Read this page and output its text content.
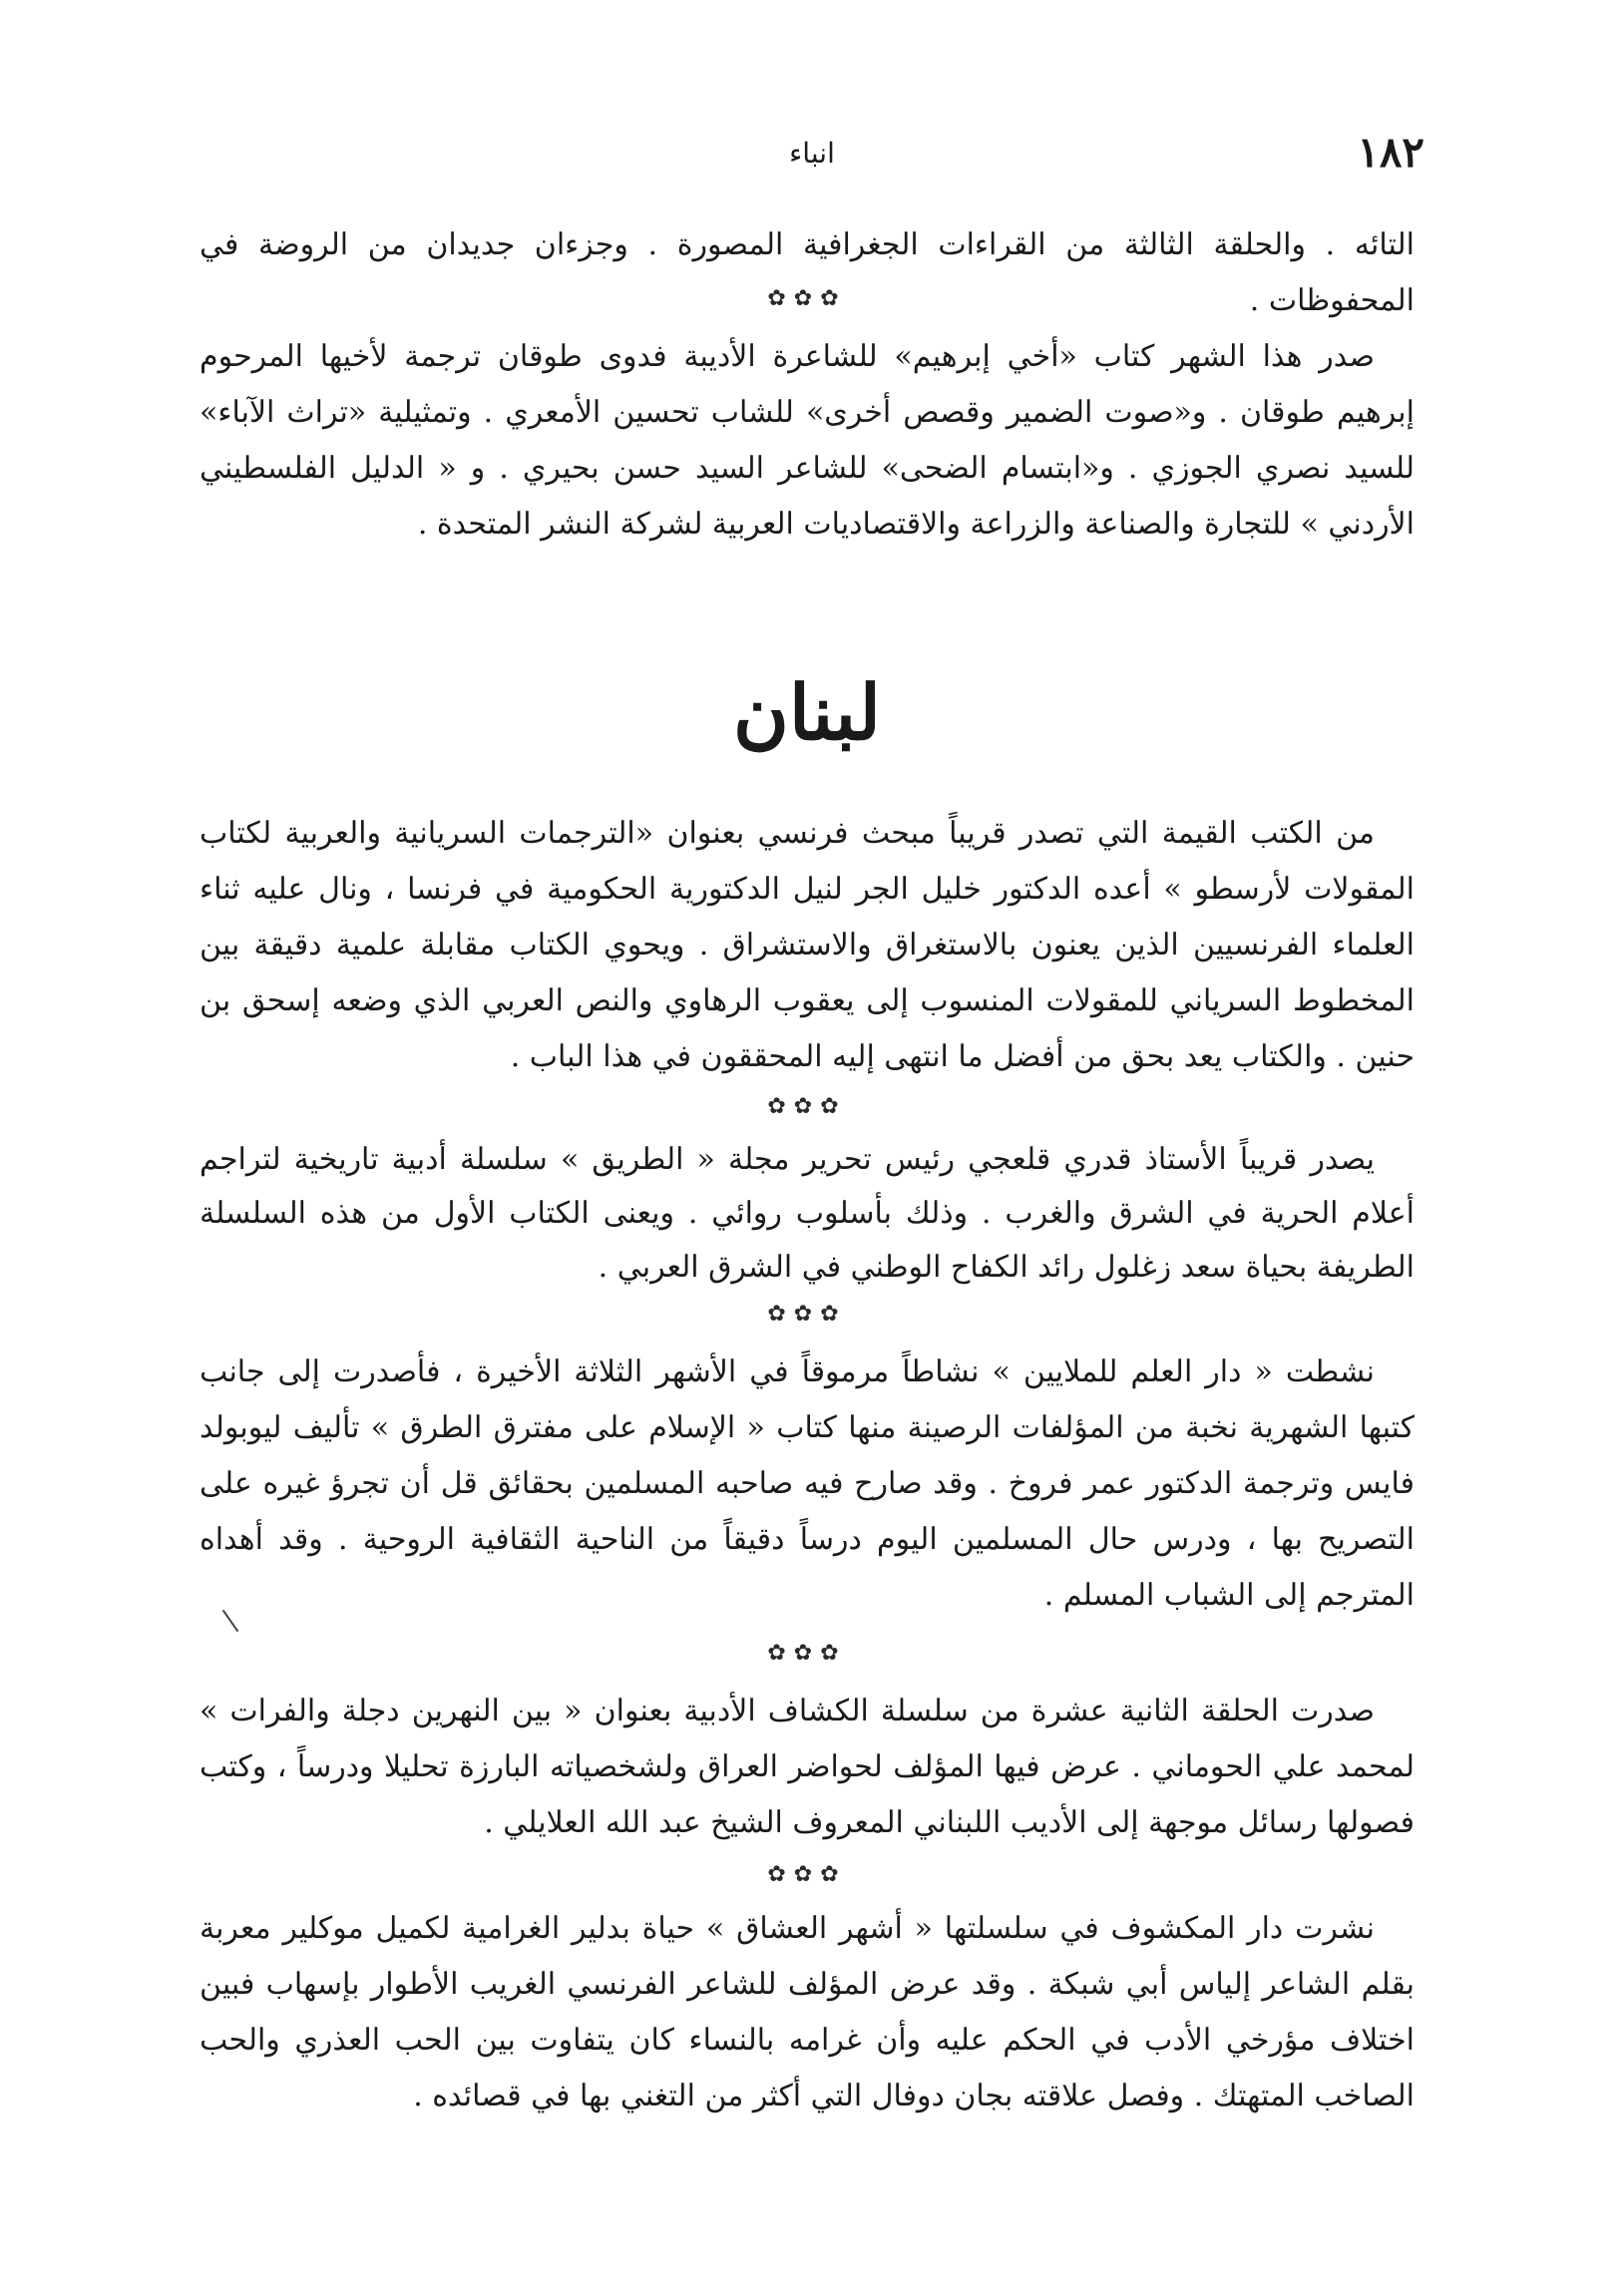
١٨٢
انباء

التائه . والحلقة الثالثة من القراءات الجغرافية المصورة . وجزءان جديدان من الروضة في المحفوظات .

✿✿✿

صدر هذا الشهر كتاب «أخي إبرهيم» للشاعرة الأديبة فدوى طوقان ترجمة لأخيها المرحوم إبرهيم طوقان . و«صوت الضمير وقصص أخرى» للشاب تحسين الأمعري . وتمثيلية «تراث الآباء» للسيد نصري الجوزي . و«ابتسام الضحى» للشاعر السيد حسن بحيري . و « الدليل الفلسطيني الأردني » للتجارة والصناعة والزراعة والاقتصاديات العربية لشركة النشر المتحدة .

لبنان

من الكتب القيمة التي تصدر قريباً مبحث فرنسي بعنوان «الترجمات السريانية والعربية لكتاب المقولات لأرسطو » أعده الدكتور خليل الجر لنيل الدكتورية الحكومية في فرنسا ، ونال عليه ثناء العلماء الفرنسيين الذين يعنون بالاستغراق والاستشراق . ويحوي الكتاب مقابلة علمية دقيقة بين المخطوط السرياني للمقولات المنسوب إلى يعقوب الرهاوي والنص العربي الذي وضعه إسحق بن حنين . والكتاب يعد بحق من أفضل ما انتهى إليه المحققون في هذا الباب .

✿✿✿

يصدر قريباً الأستاذ قدري قلعجي رئيس تحرير مجلة « الطريق » سلسلة أدبية تاريخية لتراجم أعلام الحرية في الشرق والغرب . وذلك بأسلوب روائي . ويعنى الكتاب الأول من هذه السلسلة الطريفة بحياة سعد زغلول رائد الكفاح الوطني في الشرق العربي .

✿✿✿

نشطت « دار العلم للملايين » نشاطاً مرموقاً في الأشهر الثلاثة الأخيرة ، فأصدرت إلى جانب كتبها الشهرية نخبة من المؤلفات الرصينة منها كتاب « الإسلام على مفترق الطرق » تأليف ليوبولد فايس وترجمة الدكتور عمر فروخ . وقد صارح فيه صاحبه المسلمين بحقائق قل أن تجرؤ غيره على التصريح بها ، ودرس حال المسلمين اليوم درساً دقيقاً من الناحية الثقافية الروحية . وقد أهداه المترجم إلى الشباب المسلم .

✿✿✿

صدرت الحلقة الثانية عشرة من سلسلة الكشاف الأدبية بعنوان « بين النهرين دجلة والفرات » لمحمد علي الحوماني . عرض فيها المؤلف لحواضر العراق ولشخصياته البارزة تحليلا ودرساً ، وكتب فصولها رسائل موجهة إلى الأديب اللبناني المعروف الشيخ عبد الله العلايلي .

✿✿✿

نشرت دار المكشوف في سلسلتها « أشهر العشاق » حياة بدلير الغرامية لكميل موكلير معربة بقلم الشاعر إلياس أبي شبكة . وقد عرض المؤلف للشاعر الفرنسي الغريب الأطوار بإسهاب فبين اختلاف مؤرخي الأدب في الحكم عليه وأن غرامه بالنساء كان يتفاوت بين الحب العذري والحب الصاخب المتهتك . وفصل علاقته بجان دوفال التي أكثر من التغني بها في قصائده .
